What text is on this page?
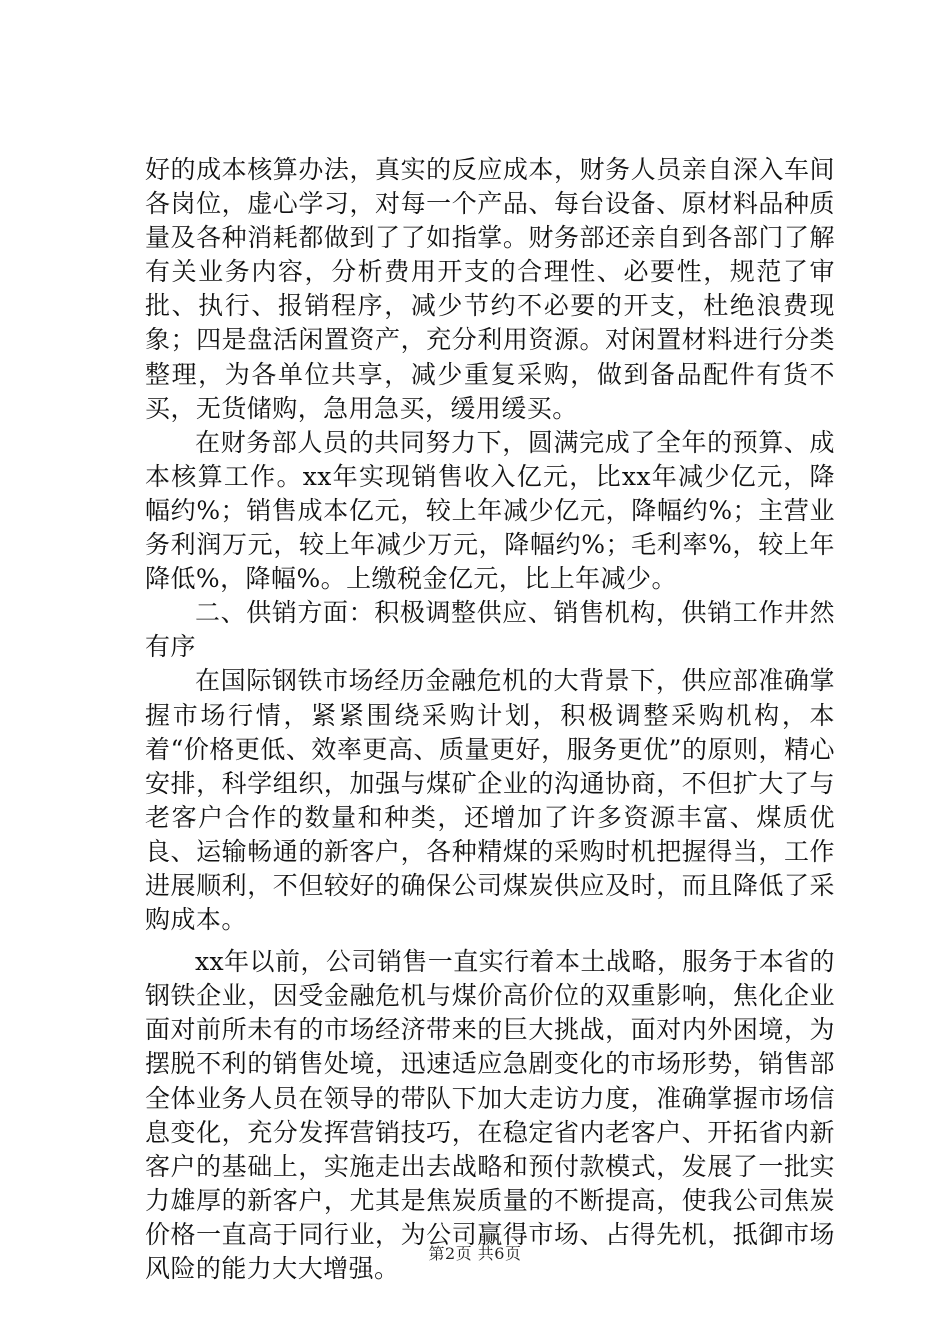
好的成本核算办法，真实的反应成本，财务人员亲自深入车间各岗位，虚心学习，对每一个产品、每台设备、原材料品种质量及各种消耗都做到了了如指掌。财务部还亲自到各部门了解有关业务内容，分析费用开支的合理性、必要性，规范了审批、执行、报销程序，减少节约不必要的开支，杜绝浪费现象；四是盘活闲置资产，充分利用资源。对闲置材料进行分类整理，为各单位共享，减少重复采购，做到备品配件有货不买，无货储购，急用急买，缓用缓买。

在财务部人员的共同努力下，圆满完成了全年的预算、成本核算工作。xx年实现销售收入亿元，比xx年减少亿元，降幅约%；销售成本亿元，较上年减少亿元，降幅约%；主营业务利润万元，较上年减少万元，降幅约%；毛利率%，较上年降低%，降幅%。上缴税金亿元，比上年减少。

二、供销方面：积极调整供应、销售机构，供销工作井然有序

在国际钢铁市场经历金融危机的大背景下，供应部准确掌握市场行情，紧紧围绕采购计划，积极调整采购机构，本着“价格更低、效率更高、质量更好，服务更优”的原则，精心安排，科学组织，加强与煤矿企业的沟通协商，不但扩大了与老客户合作的数量和种类，还增加了许多资源丰富、煤质优良、运输畅通的新客户，各种精煤的采购时机把握得当，工作进展顺利，不但较好的确保公司煤炭供应及时，而且降低了采购成本。

xx年以前，公司销售一直实行着本土战略，服务于本省的钢铁企业，因受金融危机与煤价高价位的双重影响，焦化企业面对前所未有的市场经济带来的巨大挑战，面对内外困境，为摆脱不利的销售处境，迅速适应急剧变化的市场形势，销售部全体业务人员在领导的带队下加大走访力度，准确掌握市场信息变化，充分发挥营销技巧，在稳定省内老客户、开拓省内新客户的基础上，实施走出去战略和预付款模式，发展了一批实力雄厚的新客户，尤其是焦炭质量的不断提高，使我公司焦炭价格一直高于同行业，为公司赢得市场、占得先机，抵御市场风险的能力大大增强。

第2页 共6页
